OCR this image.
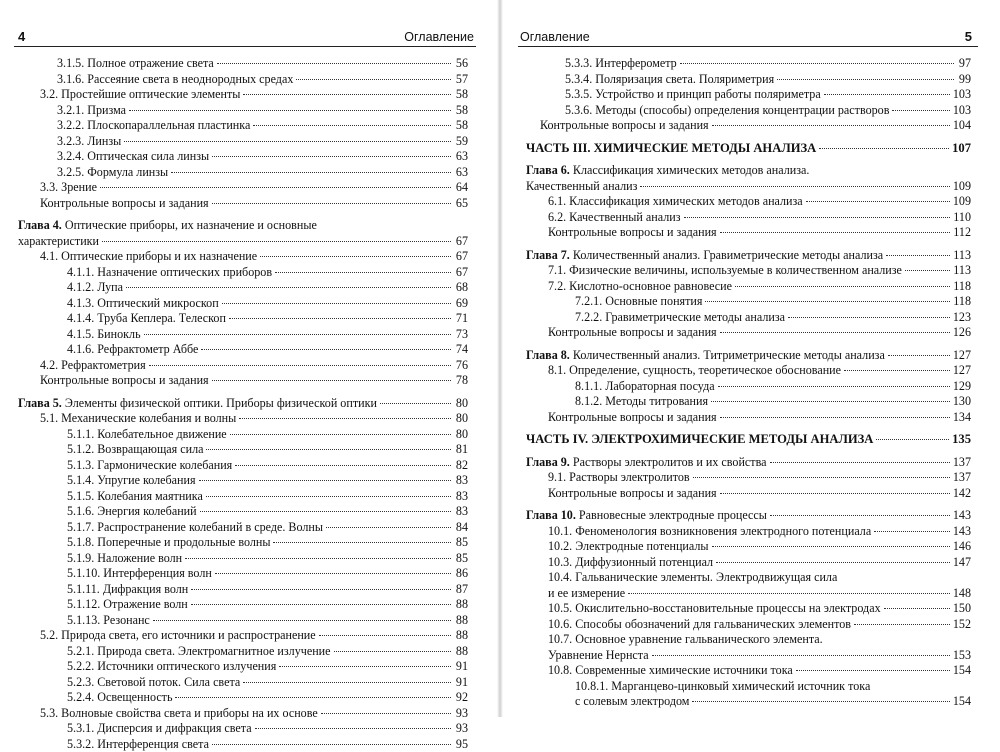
4	Оглавление
3.1.5. Полное отражение света	56
3.1.6. Рассеяние света в неоднородных средах	57
3.2. Простейшие оптические элементы	58
3.2.1. Призма	58
3.2.2. Плоскопараллельная пластинка	58
3.2.3. Линзы	59
3.2.4. Оптическая сила линзы	63
3.2.5. Формула линзы	63
3.3. Зрение	64
Контрольные вопросы и задания	65
Глава 4. Оптические приборы, их назначение и основные
характеристики	67
4.1. Оптические приборы и их назначение	67
4.1.1. Назначение оптических приборов	67
4.1.2. Лупа	68
4.1.3. Оптический микроскоп	69
4.1.4. Труба Кеплера. Телескоп	71
4.1.5. Бинокль	73
4.1.6. Рефрактометр Аббе	74
4.2. Рефрактометрия	76
Контрольные вопросы и задания	78
Глава 5. Элементы физической оптики. Приборы физической оптики	80
5.1. Механические колебания и волны	80
5.1.1. Колебательное движение	80
5.1.2. Возвращающая сила	81
5.1.3. Гармонические колебания	82
5.1.4. Упругие колебания	83
5.1.5. Колебания маятника	83
5.1.6. Энергия колебаний	83
5.1.7. Распространение колебаний в среде. Волны	84
5.1.8. Поперечные и продольные волны	85
5.1.9. Наложение волн	85
5.1.10. Интерференция волн	86
5.1.11. Дифракция волн	87
5.1.12. Отражение волн	88
5.1.13. Резонанс	88
5.2. Природа света, его источники и распространение	88
5.2.1. Природа света. Электромагнитное излучение	88
5.2.2. Источники оптического излучения	91
5.2.3. Световой поток. Сила света	91
5.2.4. Освещенность	92
5.3. Волновые свойства света и приборы на их основе	93
5.3.1. Дисперсия и дифракция света	93
5.3.2. Интерференция света	95
Оглавление	5
5.3.3. Интерферометр	97
5.3.4. Поляризация света. Поляриметрия	99
5.3.5. Устройство и принцип работы поляриметра	103
5.3.6. Методы (способы) определения концентрации растворов	103
Контрольные вопросы и задания	104
ЧАСТЬ III. ХИМИЧЕСКИЕ МЕТОДЫ АНАЛИЗА	107
Глава 6. Классификация химических методов анализа.
Качественный анализ	109
6.1. Классификация химических методов анализа	109
6.2. Качественный анализ	110
Контрольные вопросы и задания	112
Глава 7. Количественный анализ. Гравиметрические методы анализа	113
7.1. Физические величины, используемые в количественном анализе	113
7.2. Кислотно-основное равновесие	118
7.2.1. Основные понятия	118
7.2.2. Гравиметрические методы анализа	123
Контрольные вопросы и задания	126
Глава 8. Количественный анализ. Титриметрические методы анализа	127
8.1. Определение, сущность, теоретическое обоснование	127
8.1.1. Лабораторная посуда	129
8.1.2. Методы титрования	130
Контрольные вопросы и задания	134
ЧАСТЬ IV. ЭЛЕКТРОХИМИЧЕСКИЕ МЕТОДЫ АНАЛИЗА	135
Глава 9. Растворы электролитов и их свойства	137
9.1. Растворы электролитов	137
Контрольные вопросы и задания	142
Глава 10. Равновесные электродные процессы	143
10.1. Феноменология возникновения электродного потенциала	143
10.2. Электродные потенциалы	146
10.3. Диффузионный потенциал	147
10.4. Гальванические элементы. Электродвижущая сила
и ее измерение	148
10.5. Окислительно-восстановительные процессы на электродах	150
10.6. Способы обозначений для гальванических элементов	152
10.7. Основное уравнение гальванического элемента.
Уравнение Нернста	153
10.8. Современные химические источники тока	154
10.8.1. Марганцево-цинковый химический источник тока
с солевым электродом	154
